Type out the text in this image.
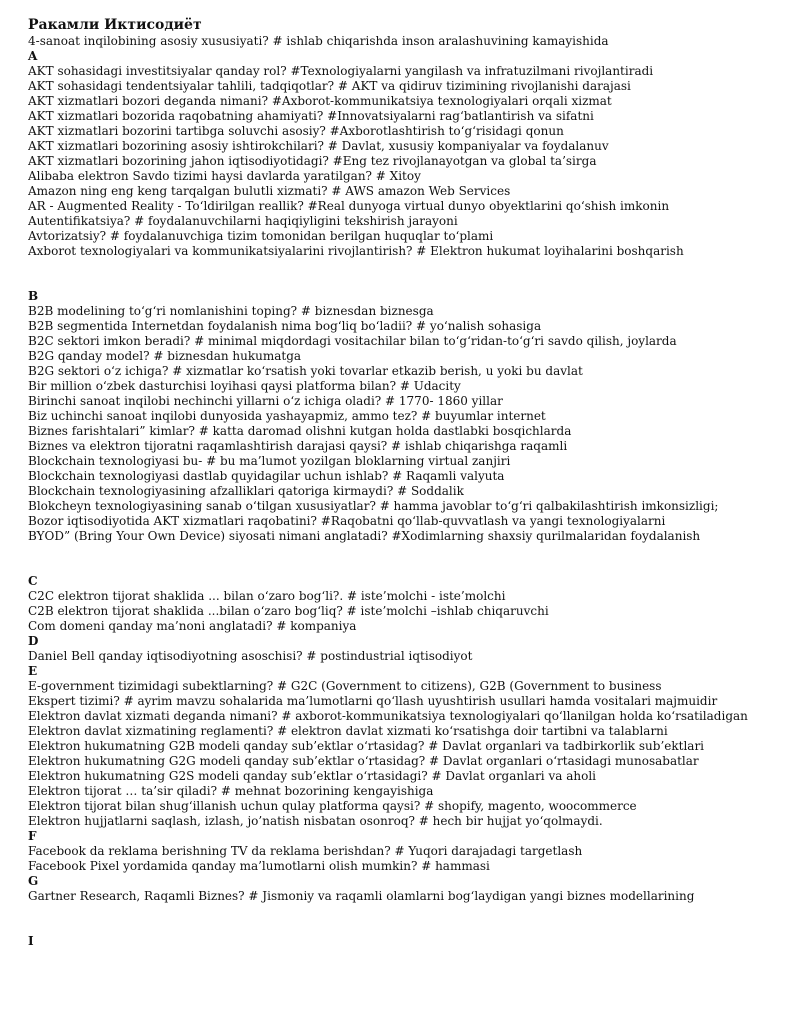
Ракамли Иктисодиёт
4-sanoat inqilobining asosiy xususiyati? # ishlab chiqarishda inson aralashuvining kamayishida
A
AKT sohasidagi investitsiyalar qanday rol? #Texnologiyalarni yangilash va infratuzilmani rivojlantiradi
AKT sohasidagi tendentsiyalar tahlili, tadqiqotlar? # AKT va qidiruv tizimining rivojlanishi darajasi
AKT xizmatlari bozori deganda nimani? #Axborot-kommunikatsiya texnologiyalari orqali xizmat
AKT xizmatlari bozorida raqobatning ahamiyati? #Innovatsiyalarni rag‘batlantirish va sifatni
AKT xizmatlari bozorini tartibga soluvchi asosiy? #Axborotlashtirish to‘g‘risidagi qonun
AKT xizmatlari bozorining asosiy ishtirokchilari? # Davlat, xususiy kompaniyalar va foydalanuv
AKT xizmatlari bozorining jahon iqtisodiyotidagi? #Eng tez rivojlanayotgan va global ta’sirga
Alibaba elektron Savdo tizimi haysi davlarda yaratilgan? # Xitoy
Amazon ning eng keng tarqalgan bulutli xizmati? # AWS amazon Web Services
AR - Augmented Reality - To‘ldirilgan reallik? #Real dunyoga virtual dunyo obyektlarini qo‘shish imkonin
Autentifikatsiya? # foydalanuvchilarni haqiqiyligini tekshirish jarayoni
Avtorizatsiy? # foydalanuvchiga tizim tomonidan berilgan huquqlar to‘plami
Axborot texnologiyalari va kommunikatsiyalarini rivojlantirish? # Elektron hukumat loyihalarini boshqarish
B
B2B modelining to‘g‘ri nomlanishini toping? # biznesdan biznesga
B2B segmentida Internetdan foydalanish nima bog‘liq bo‘ladii? # yo‘nalish sohasiga
B2C sektori imkon beradi? # minimal miqdordagi vositachilar bilan to‘g‘ridan-to‘g‘ri savdo qilish, joylarda
B2G qanday model? # biznesdan hukumatga
B2G sektori o‘z ichiga? # xizmatlar ko‘rsatish yoki tovarlar etkazib berish, u yoki bu davlat
Bir million o‘zbek dasturchisi loyihasi qaysi platforma bilan? # Udacity
Birinchi sanoat inqilobi nechinchi yillarni o‘z ichiga oladi? # 1770- 1860 yillar
Biz uchinchi sanoat inqilobi dunyosida yashayapmiz, ammo tez? # buyumlar internet
Biznes farishtalari” kimlar? # katta daromad olishni kutgan holda dastlabki bosqichlarda
Biznes va elektron tijoratni raqamlashtirish darajasi qaysi? # ishlab chiqarishga raqamli
Blockchain texnologiyasi bu- # bu ma’lumot yozilgan bloklarning virtual zanjiri
Blockchain texnologiyasi dastlab quyidagilar uchun ishlab? # Raqamli valyuta
Blockchain texnologiyasining afzalliklari qatoriga kirmaydi? # Soddalik
Blokcheyn texnologiyasining sanab o‘tilgan xususiyatlar? # hamma javoblar to‘g‘ri qalbakilashtirish imkonsizligi;
Bozor iqtisodiyotida AKT xizmatlari raqobatini? #Raqobatni qo‘llab-quvvatlash va yangi texnologiyalarni
BYOD” (Bring Your Own Device) siyosati nimani anglatadi? #Xodimlarning shaxsiy qurilmalaridan foydalanish
C
C2C elektron tijorat shaklida ... bilan o‘zaro bog‘li?. # iste’molchi - iste’molchi
C2B elektron tijorat shaklida ...bilan o‘zaro bog‘liq? # iste’molchi –ishlab chiqaruvchi
Com domeni qanday ma’noni anglatadi? # kompaniya
D
Daniel Bell qanday iqtisodiyotning asoschisi? # postindustrial iqtisodiyot
E
E-government tizimidagi subektlarning? # G2C (Government to citizens), G2B (Government to business
Ekspert tizimi? # ayrim mavzu sohalarida ma’lumotlarni qo‘llash uyushtirish usullari hamda vositalari majmuidir
Elektron davlat xizmati deganda nimani? # axborot-kommunikatsiya texnologiyalari qo‘llanilgan holda ko‘rsatiladigan
Elektron davlat xizmatining reglamenti? # elektron davlat xizmati ko‘rsatishga doir tartibni va talablarni
Elektron hukumatning G2B modeli qanday sub’ektlar o‘rtasidag? # Davlat organlari va tadbirkorlik sub’ektlari
Elektron hukumatning G2G modeli qanday sub’ektlar o‘rtasidag? # Davlat organlari o‘rtasidagi munosabatlar
Elektron hukumatning G2S modeli qanday sub’ektlar o‘rtasidagi? # Davlat organlari va aholi
Elektron tijorat … ta’sir qiladi? # mehnat bozorining kengayishiga
Elektron tijorat bilan shug‘illanish uchun qulay platforma qaysi? # shopify, magento, woocommerce
Elektron hujjatlarni saqlash, izlash, jo’natish nisbatan osonroq? # hech bir hujjat yo‘qolmaydi.
F
Facebook da reklama berishning TV da reklama berishdan? # Yuqori darajadagi targetlash
Facebook Pixel yordamida qanday ma’lumotlarni olish mumkin? # hammasi
G
Gartner Research, Raqamli Biznes? # Jismoniy va raqamli olamlarni bog‘laydigan yangi biznes modellarining
I
